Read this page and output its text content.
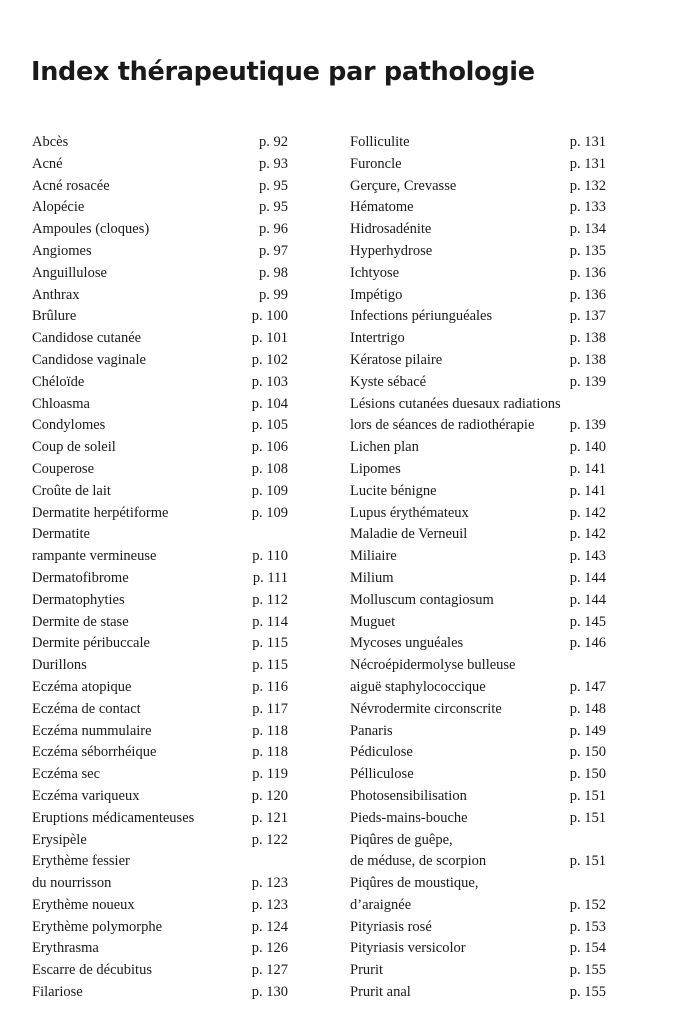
Index thérapeutique par pathologie
Abcès	p. 92
Acné	p. 93
Acné rosacée	p. 95
Alopécie	p. 95
Ampoules (cloques)	p. 96
Angiomes	p. 97
Anguillulose	p. 98
Anthrax	p. 99
Brûlure	p. 100
Candidose cutanée	p. 101
Candidose vaginale	p. 102
Chéloïde	p. 103
Chloasma	p. 104
Condylomes	p. 105
Coup de soleil	p. 106
Couperose	p. 108
Croûte de lait	p. 109
Dermatite herpétiforme	p. 109
Dermatite
rampante vermineuse	p. 110
Dermatofibrome	p. 111
Dermatophyties	p. 112
Dermite de stase	p. 114
Dermite péribuccale	p. 115
Durillons	p. 115
Eczéma atopique	p. 116
Eczéma de contact	p. 117
Eczéma nummulaire	p. 118
Eczéma séborrhéique	p. 118
Eczéma sec	p. 119
Eczéma variqueux	p. 120
Eruptions médicamenteuses	p. 121
Erysipèle	p. 122
Erythème fessier
du nourrisson	p. 123
Erythème noueux	p. 123
Erythème polymorphe	p. 124
Erythrasma	p. 126
Escarre de décubitus	p. 127
Filariose	p. 130
Folliculite	p. 131
Furoncle	p. 131
Gerçure, Crevasse	p. 132
Hématome	p. 133
Hidrosadénite	p. 134
Hyperhydrose	p. 135
Ichtyose	p. 136
Impétigo	p. 136
Infections périunguéales	p. 137
Intertrigo	p. 138
Kératose pilaire	p. 138
Kyste sébacé	p. 139
Lésions cutanées duesaux radiations
lors de séances de radiothérapie p. 139
Lichen plan	p. 140
Lipomes	p. 141
Lucite bénigne	p. 141
Lupus érythémateux	p. 142
Maladie de Verneuil	p. 142
Miliaire	p. 143
Milium	p. 144
Molluscum contagiosum	p. 144
Muguet	p. 145
Mycoses unguéales	p. 146
Nécroépidermolyse bulleuse
aiguë staphylococcique	p. 147
Névrodermite circonscrite	p. 148
Panaris	p. 149
Pédiculose	p. 150
Pélliculose	p. 150
Photosensibilisation	p. 151
Pieds-mains-bouche	p. 151
Piqûres de guêpe,
de méduse, de scorpion	p. 151
Piqûres de moustique,
d’araignée	p. 152
Pityriasis rosé	p. 153
Pityriasis versicolor	p. 154
Prurit	p. 155
Prurit anal	p. 155
